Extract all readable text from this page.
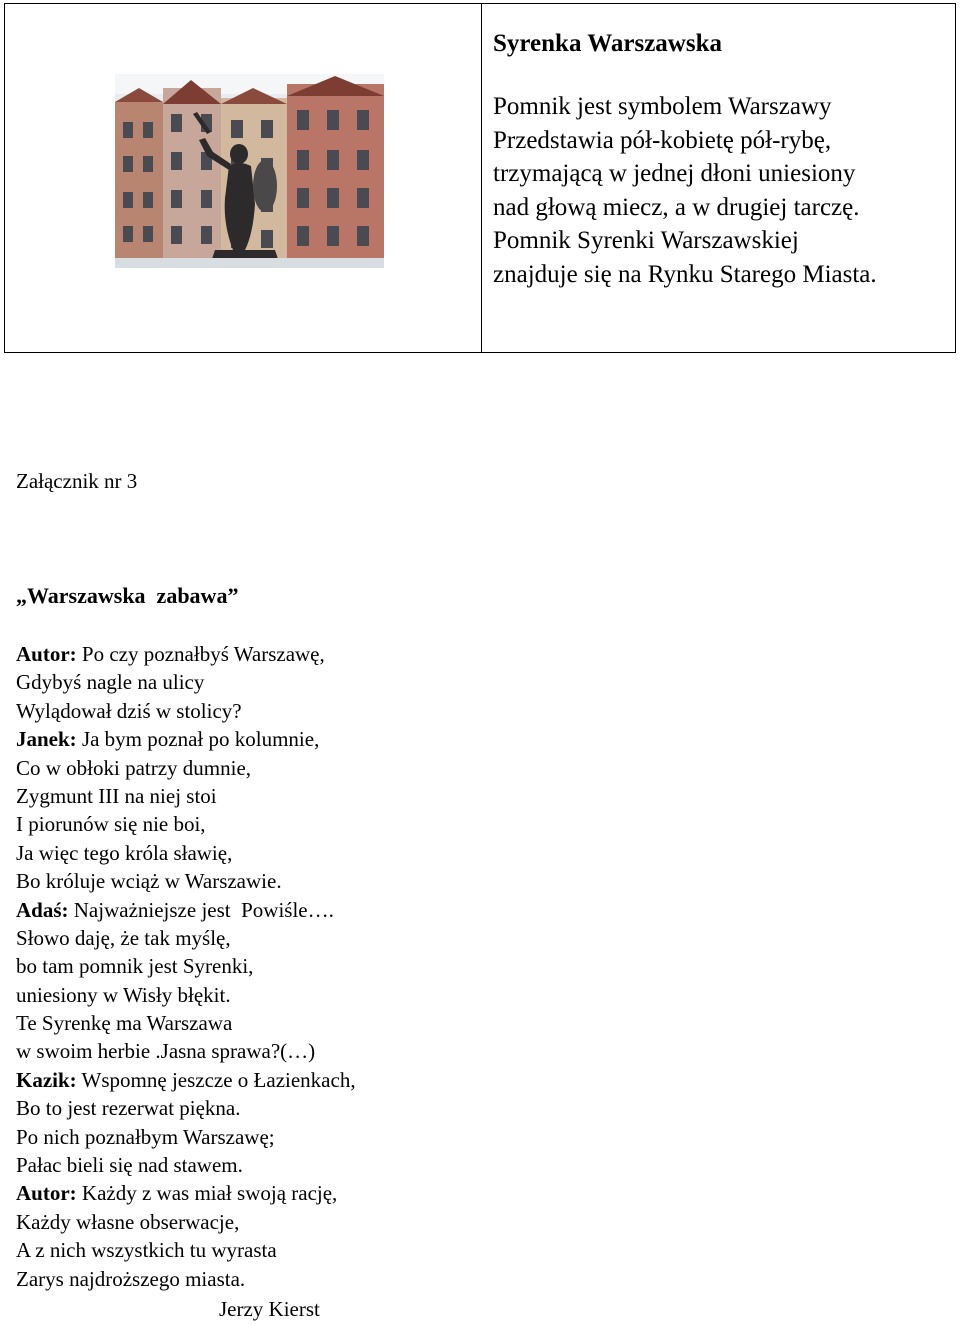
Syrenka Warszawska
Pomnik jest symbolem Warszawy
Przedstawia pół-kobietę pół-rybę,
trzymającą w jednej dłoni uniesiony
nad głową miecz, a w drugiej tarczę.
Pomnik Syrenki Warszawskiej
znajduje się na Rynku Starego Miasta.
Załącznik nr 3
„Warszawska  zabawa”
Autor: Po czy poznałbyś Warszawę,
Gdybyś nagle na ulicy
Wylądował dziś w stolicy?
Janek: Ja bym poznał po kolumnie,
Co w obłoki patrzy dumnie,
Zygmunt III na niej stoi
I piorunów się nie boi,
Ja więc tego króla sławię,
Bo króluje wciąż w Warszawie.
Adaś: Najważniejsze jest  Powiśle….
Słowo daję, że tak myślę,
bo tam pomnik jest Syrenki,
uniesiony w Wisły błękit.
Te Syrenkę ma Warszawa
w swoim herbie .Jasna sprawa?(…)
Kazik: Wspomnę jeszcze o Łazienkach,
Bo to jest rezerwat piękna.
Po nich poznałbym Warszawę;
Pałac bieli się nad stawem.
Autor: Każdy z was miał swoją rację,
Każdy własne obserwacje,
A z nich wszystkich tu wyrasta
Zarys najdroższego miasta.
Jerzy Kierst
